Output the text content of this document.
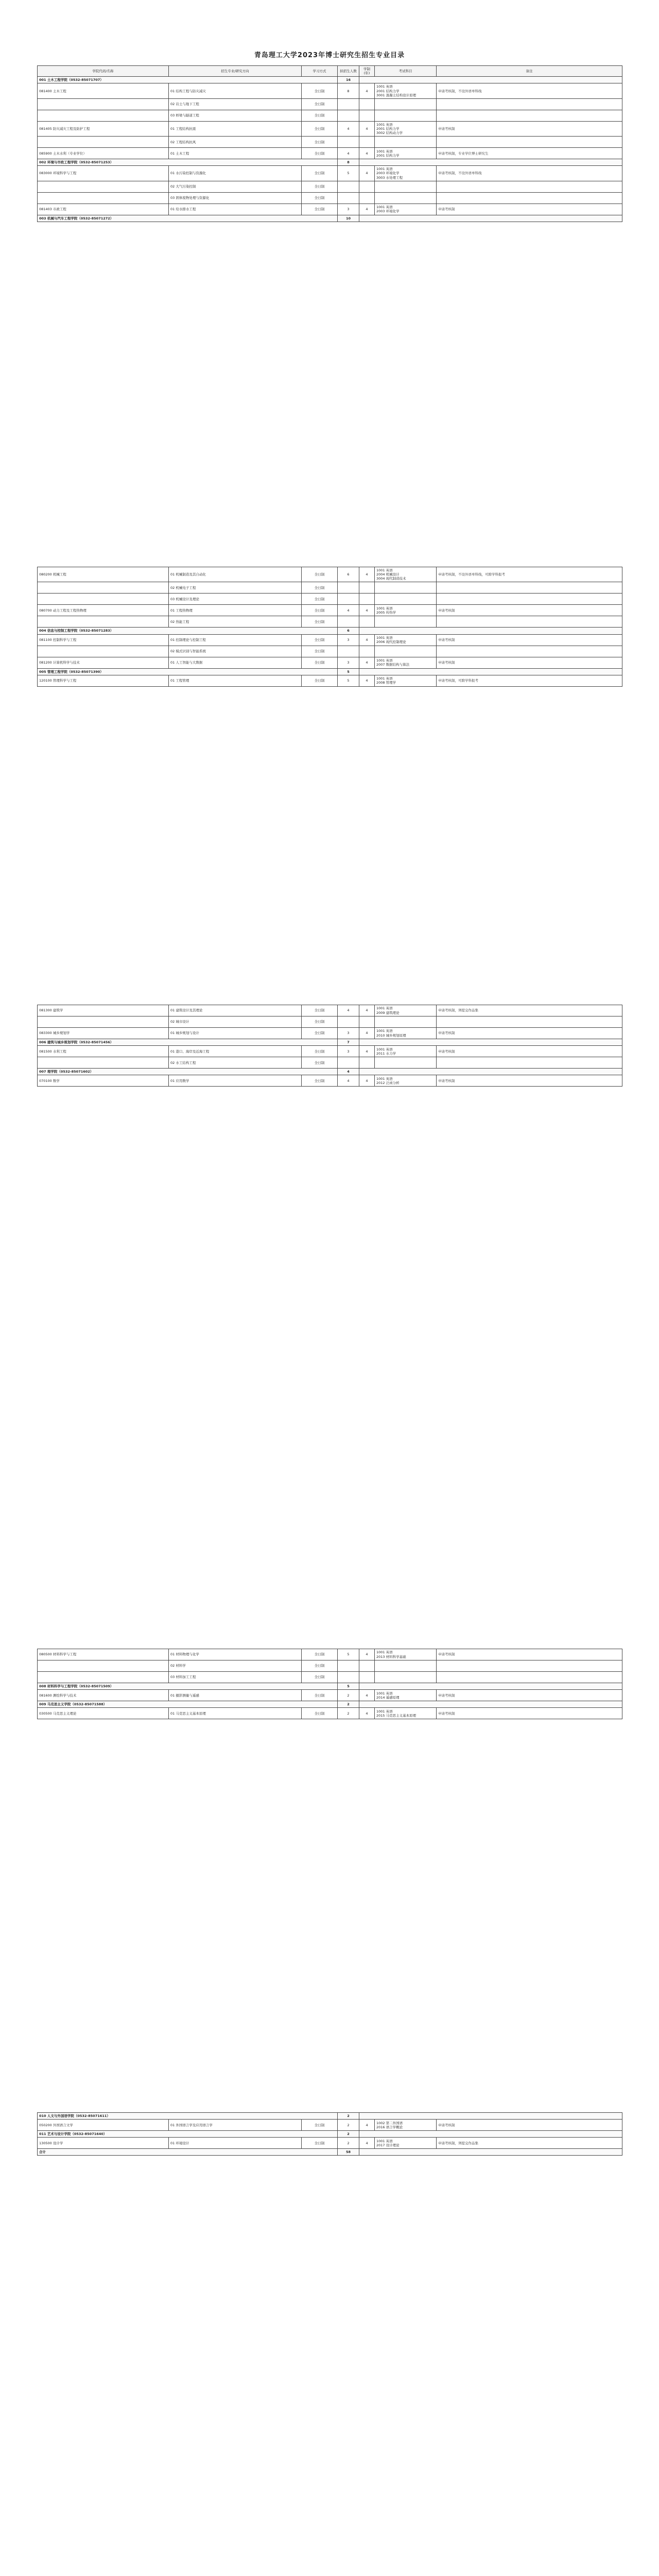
青岛理工大学2023年博士研究生招生专业目录
学院代码/名称	招生专业/研究方向	学习方式	拟招生人数	学制(年)	考试科目	备注
001 土木工程学院（0532-85071707）			16			
081400 土木工程	01 结构工程与防灾减灾	全日制	8	4	1001 英语
2001 结构力学
3001 混凝土结构设计原理	申请考核制，不设外语单科线
	02 岩土与地下工程	全日制				
	03 桥梁与隧道工程	全日制				
081405 防灾减灾工程及防护工程	01 工程结构抗震	全日制	4	4	1001 英语
2001 结构力学
3002 结构动力学	申请考核制
	02 工程结构抗风	全日制				
085900 土木水利（专业学位）	01 土木工程	全日制	4	4	1001 英语
2001 结构力学	申请考核制，专业学位博士研究生
002 环境与市政工程学院（0532-85071253）			8			
083000 环境科学与工程	01 水污染控制与资源化	全日制	5	4	1001 英语
2003 环境化学
3003 水处理工程	申请考核制，不设外语单科线
	02 大气污染控制	全日制				
	03 固体废物处理与资源化	全日制				
081403 市政工程	01 给水排水工程	全日制	3	4	1001 英语
2003 环境化学	申请考核制
003 机械与汽车工程学院（0532-85071272）			10			
080200 机械工程	01 机械制造及其自动化	全日制	6	4	1001 英语
2004 机械设计
3004 现代制造技术	申请考核制，不设外语单科线，可跨学科报考
	02 机械电子工程	全日制				
	03 机械设计及理论	全日制				
080700 动力工程及工程热物理	01 工程热物理	全日制	4	4	1001 英语
2005 传热学	申请考核制
	02 热能工程	全日制				
004 信息与控制工程学院（0532-85071283）			6			
081100 控制科学与工程	01 控制理论与控制工程	全日制	3	4	1001 英语
2006 现代控制理论	申请考核制
	02 模式识别与智能系统	全日制				
081200 计算机科学与技术	01 人工智能与大数据	全日制	3	4	1001 英语
2007 数据结构与算法	申请考核制
005 管理工程学院（0532-85071390）			5			
120100 管理科学与工程	01 工程管理	全日制	5	4	1001 英语
2008 管理学	申请考核制，可跨学科报考
081300 建筑学	01 建筑设计及其理论	全日制	4	4	1001 英语
2009 建筑理论	申请考核制，须提交作品集
	02 城市设计	全日制				
083300 城乡规划学	01 城乡规划与设计	全日制	3	4	1001 英语
2010 城乡规划原理	申请考核制
006 建筑与城乡规划学院（0532-85071456）			7			
081500 水利工程	01 港口、海岸及近海工程	全日制	3	4	1001 英语
2011 水力学	申请考核制
	02 水工结构工程	全日制				
007 理学院（0532-85071602）			4			
070100 数学	01 应用数学	全日制	4	4	1001 英语
2012 泛函分析	申请考核制
080500 材料科学与工程	01 材料物理与化学	全日制	5	4	1001 英语
2013 材料科学基础	申请考核制
	02 材料学	全日制				
	03 材料加工工程	全日制				
008 材料科学与工程学院（0532-85071509）			5			
081600 测绘科学与技术	01 摄影测量与遥感	全日制	2	4	1001 英语
2014 遥感原理	申请考核制
009 马克思主义学院（0532-85071588）			2			
030500 马克思主义理论	01 马克思主义基本原理	全日制	2	4	1001 英语
2015 马克思主义基本原理	申请考核制
010 人文与外国语学院（0532-85071611）			2			
050200 外国语言文学	01 外国语言学及应用语言学	全日制	2	4	1002 第二外国语
2016 语言学概论	申请考核制
011 艺术与设计学院（0532-85071640）			2			
130500 设计学	01 环境设计	全日制	2	4	1001 英语
2017 设计理论	申请考核制，须提交作品集
合计			58			
